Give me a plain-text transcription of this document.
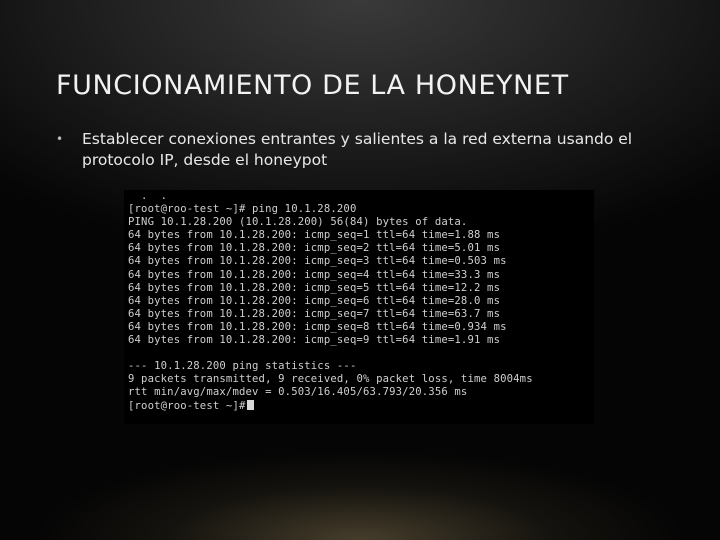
FUNCIONAMIENTO DE LA HONEYNET
• Establecer conexiones entrantes y salientes a la red externa usando el protocolo IP, desde el honeypot
.  .
[root@roo-test ~]# ping 10.1.28.200
PING 10.1.28.200 (10.1.28.200) 56(84) bytes of data.
64 bytes from 10.1.28.200: icmp_seq=1 ttl=64 time=1.88 ms
64 bytes from 10.1.28.200: icmp_seq=2 ttl=64 time=5.01 ms
64 bytes from 10.1.28.200: icmp_seq=3 ttl=64 time=0.503 ms
64 bytes from 10.1.28.200: icmp_seq=4 ttl=64 time=33.3 ms
64 bytes from 10.1.28.200: icmp_seq=5 ttl=64 time=12.2 ms
64 bytes from 10.1.28.200: icmp_seq=6 ttl=64 time=28.0 ms
64 bytes from 10.1.28.200: icmp_seq=7 ttl=64 time=63.7 ms
64 bytes from 10.1.28.200: icmp_seq=8 ttl=64 time=0.934 ms
64 bytes from 10.1.28.200: icmp_seq=9 ttl=64 time=1.91 ms
--- 10.1.28.200 ping statistics ---
9 packets transmitted, 9 received, 0% packet loss, time 8004ms
rtt min/avg/max/mdev = 0.503/16.405/63.793/20.356 ms
[root@roo-test ~]#
